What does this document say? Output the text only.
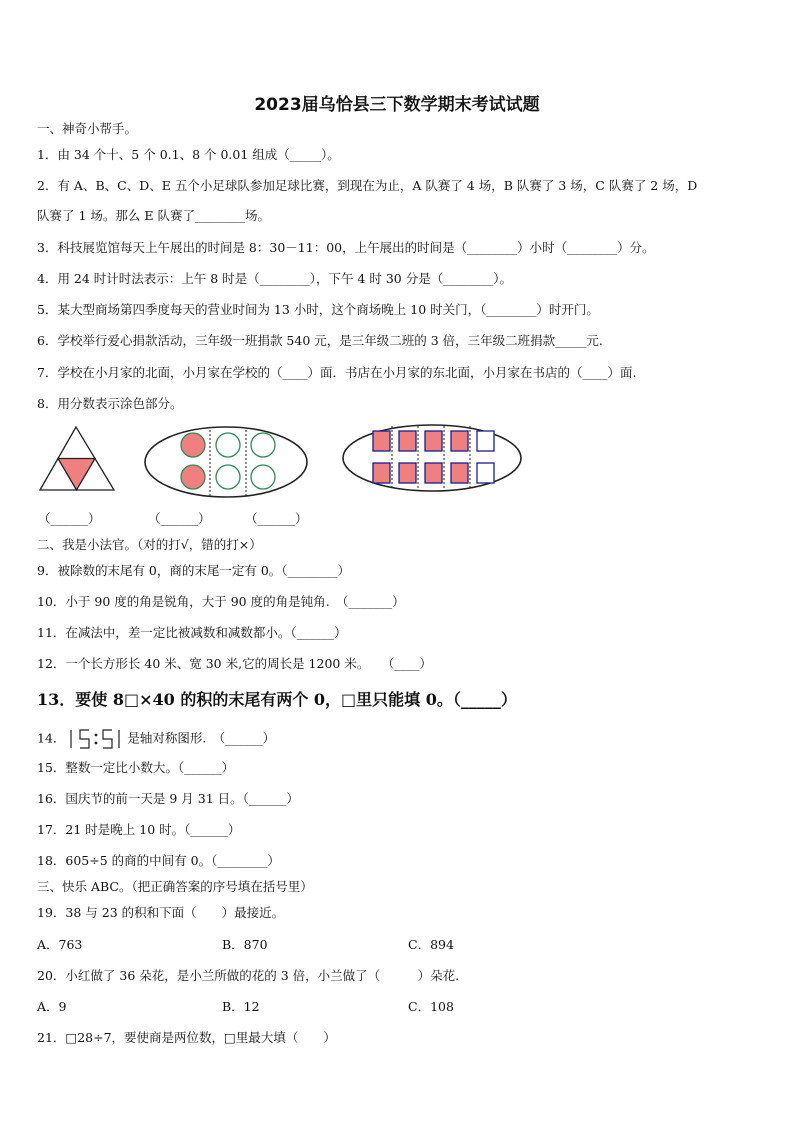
2023届乌恰县三下数学期末考试试题
一、神奇小帮手。
1．由 34 个十、5 个 0.1、8 个 0.01 组成（_____）。
2．有 A、B、C、D、E 五个小足球队参加足球比赛，到现在为止，A 队赛了 4 场，B 队赛了 3 场，C 队赛了 2 场，D
队赛了 1 场。那么 E 队赛了________场。
3．科技展览馆每天上午展出的时间是 8：30－11：00，上午展出的时间是（________）小时（________）分。
4．用 24 时计时法表示：上午 8 时是（________），下午 4 时 30 分是（________）。
5．某大型商场第四季度每天的营业时间为 13 小时，这个商场晚上 10 时关门，（________）时开门。
6．学校举行爱心捐款活动，三年级一班捐款 540 元，是三年级二班的 3 倍，三年级二班捐款_____元.
7．学校在小月家的北面，小月家在学校的（____）面．书店在小月家的东北面，小月家在书店的（____）面.
8．用分数表示涂色部分。
（______）	（______）	（______）
二、我是小法官。（对的打√，错的打×）
9．被除数的末尾有 0，商的末尾一定有 0。（________）
10．小于 90 度的角是锐角，大于 90 度的角是钝角.　（_______）
11．在减法中，差一定比被减数和减数都小。（______）
12．一个长方形长 40 米、宽 30 米,它的周长是 1200 米。　　（____）
13．要使 8□×40 的积的末尾有两个 0，□里只能填 0。（_____）
14．	是轴对称图形.　（______）
15．整数一定比小数大。（______）
16．国庆节的前一天是 9 月 31 日。（______）
17．21 时是晚上 10 时。（______）
18．605÷5 的商的中间有 0。（________）
三、快乐 ABC。（把正确答案的序号填在括号里）
19．38 与 23 的积和下面（　　）最接近。
A．763	B．870	C．894
20．小红做了 36 朵花，是小兰所做的花的 3 倍，小兰做了（　　　）朵花.
A．9	B．12	C．108
21．□28÷7，要使商是两位数，□里最大填（　　）
